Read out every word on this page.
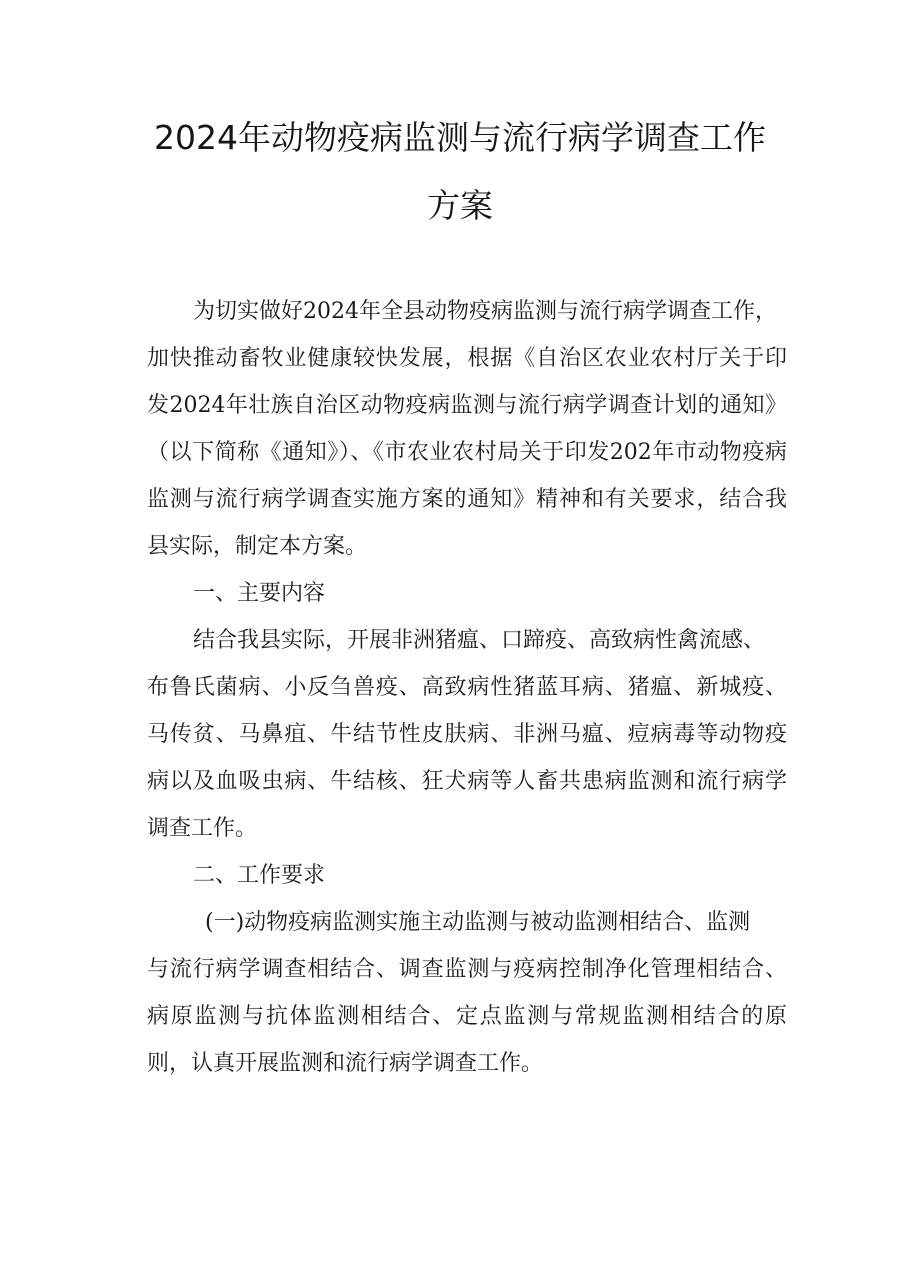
2024年动物疫病监测与流行病学调查工作
方案

为切实做好2024年全县动物疫病监测与流行病学调查工作，

加快推动畜牧业健康较快发展，根据《自治区农业农村厅关于印

发2024年壮族自治区动物疫病监测与流行病学调查计划的通知》

（以下简称《通知》）、《市农业农村局关于印发202年市动物疫病

监测与流行病学调查实施方案的通知》精神和有关要求，结合我

县实际，制定本方案。

一、主要内容

结合我县实际，开展非洲猪瘟、口蹄疫、高致病性禽流感、

布鲁氏菌病、小反刍兽疫、高致病性猪蓝耳病、猪瘟、新城疫、

马传贫、马鼻疽、牛结节性皮肤病、非洲马瘟、痘病毒等动物疫

病以及血吸虫病、牛结核、狂犬病等人畜共患病监测和流行病学

调查工作。

二、工作要求

(一)动物疫病监测实施主动监测与被动监测相结合、监测

与流行病学调查相结合、调查监测与疫病控制净化管理相结合、

病原监测与抗体监测相结合、定点监测与常规监测相结合的原

则，认真开展监测和流行病学调查工作。
